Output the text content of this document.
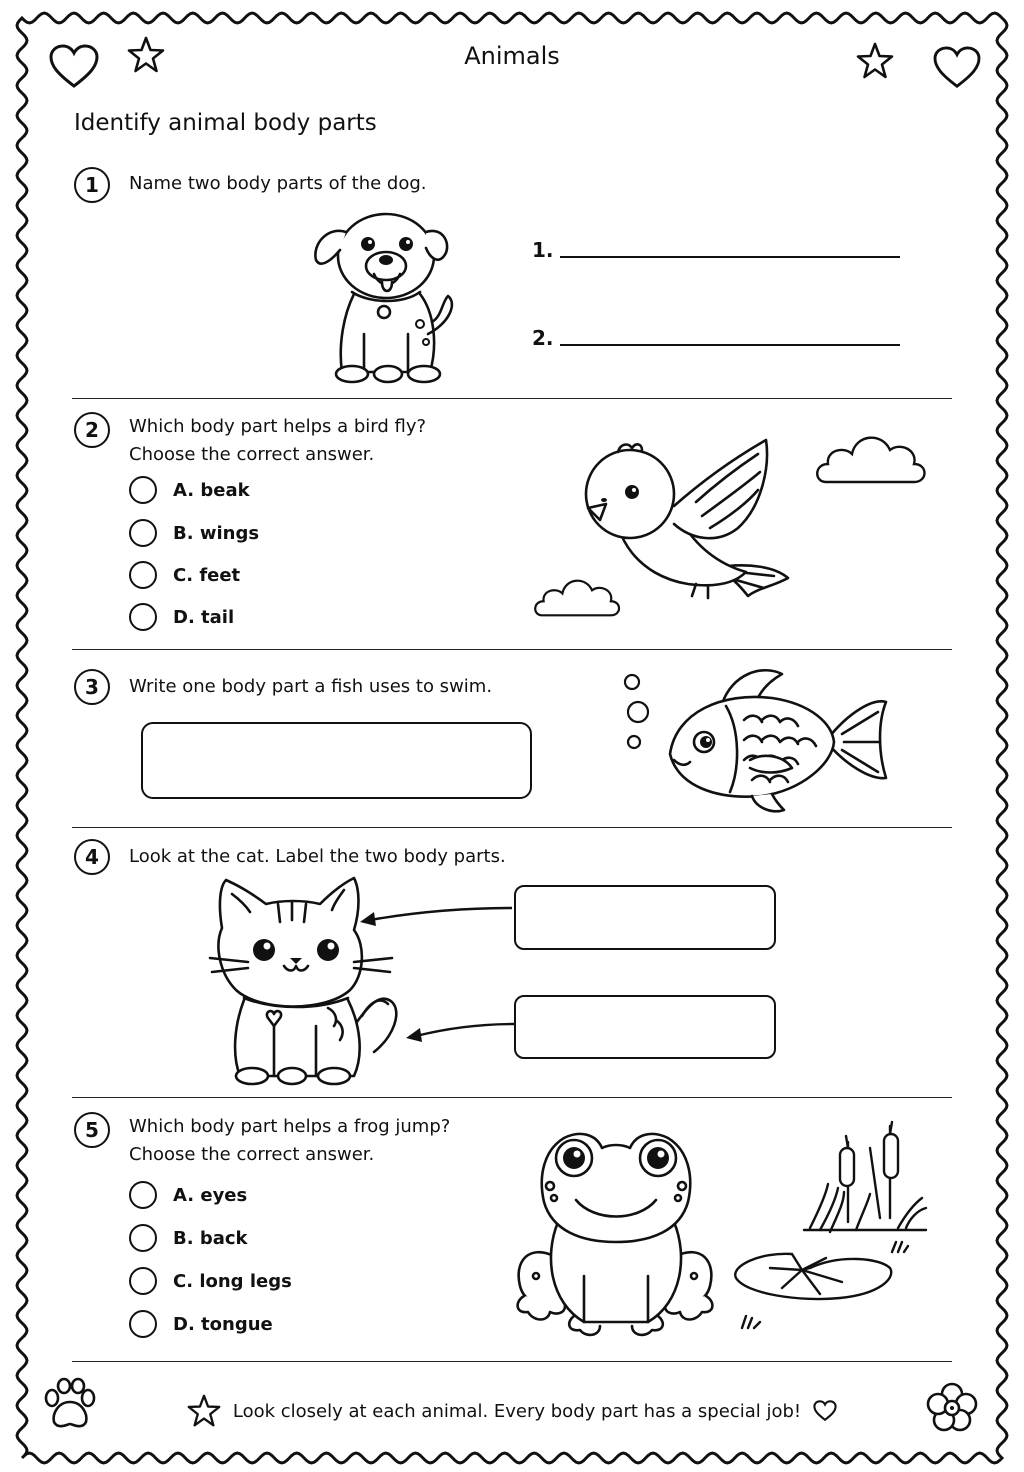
Animals
Identify animal body parts
1	Name two body parts of the dog.
1.
2.
2	Which body part helps a bird fly?
Choose the correct answer.
A. beak
B. wings
C. feet
D. tail
3	Write one body part a fish uses to swim.
4	Look at the cat. Label the two body parts.
5	Which body part helps a frog jump?
Choose the correct answer.
A. eyes
B. back
C. long legs
D. tongue
Look closely at each animal. Every body part has a special job!
